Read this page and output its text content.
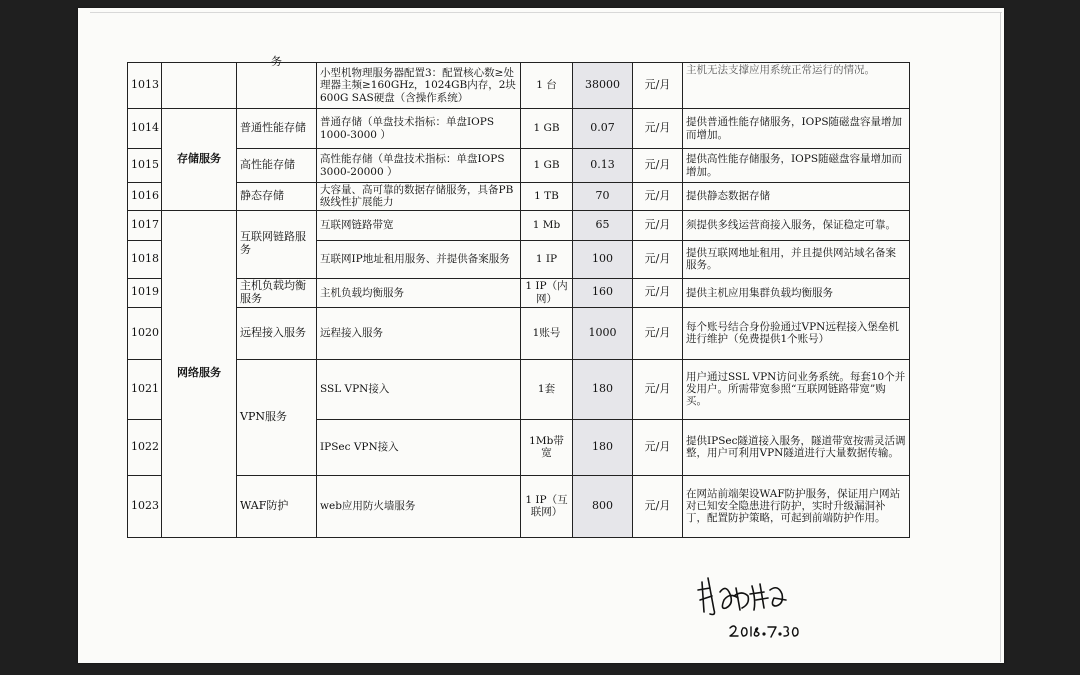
1013		务	小型机物理服务器配置3：配置核心数≥处理器主频≥160GHz，1024GB内存，2块600G SAS硬盘（含操作系统）	1 台	38000	元/月	主机无法支撑应用系统正常运行的情况。

1014	存储服务	普通性能存储	普通存储（单盘技术指标：单盘IOPS 1000-3000 ）	1 GB	0.07	元/月	提供普通性能存储服务，IOPS随磁盘容量增加而增加。
1015		高性能存储	高性能存储（单盘技术指标：单盘IOPS 3000-20000 ）	1 GB	0.13	元/月	提供高性能存储服务，IOPS随磁盘容量增加而增加。
1016		静态存储	大容量、高可靠的数据存储服务，具备PB级线性扩展能力	1 TB	70	元/月	提供静态数据存储
1017	网络服务	互联网链路服务	互联网链路带宽	1 Mb	65	元/月	须提供多线运营商接入服务，保证稳定可靠。
1018			互联网IP地址租用服务、并提供备案服务	1 IP	100	元/月	提供互联网地址租用，并且提供网站域名备案服务。
1019		主机负载均衡服务	主机负载均衡服务	1 IP（内网）	160	元/月	提供主机应用集群负载均衡服务
1020		远程接入服务	远程接入服务	1账号	1000	元/月	每个账号结合身份验通过VPN远程接入堡垒机进行维护（免费提供1个账号）
1021		VPN服务	SSL VPN接入	1套	180	元/月	用户通过SSL VPN访问业务系统。每套10个并发用户。所需带宽参照“互联网链路带宽”购买。
1022			IPSec VPN接入	1Mb带宽	180	元/月	提供IPSec隧道接入服务，隧道带宽按需灵活调整，用户可利用VPN隧道进行大量数据传输。
1023		WAF防护	web应用防火墙服务	1 IP（互联网）	800	元/月	在网站前端架设WAF防护服务，保证用户网站对已知安全隐患进行防护，实时升级漏洞补丁，配置防护策略，可起到前端防护作用。
